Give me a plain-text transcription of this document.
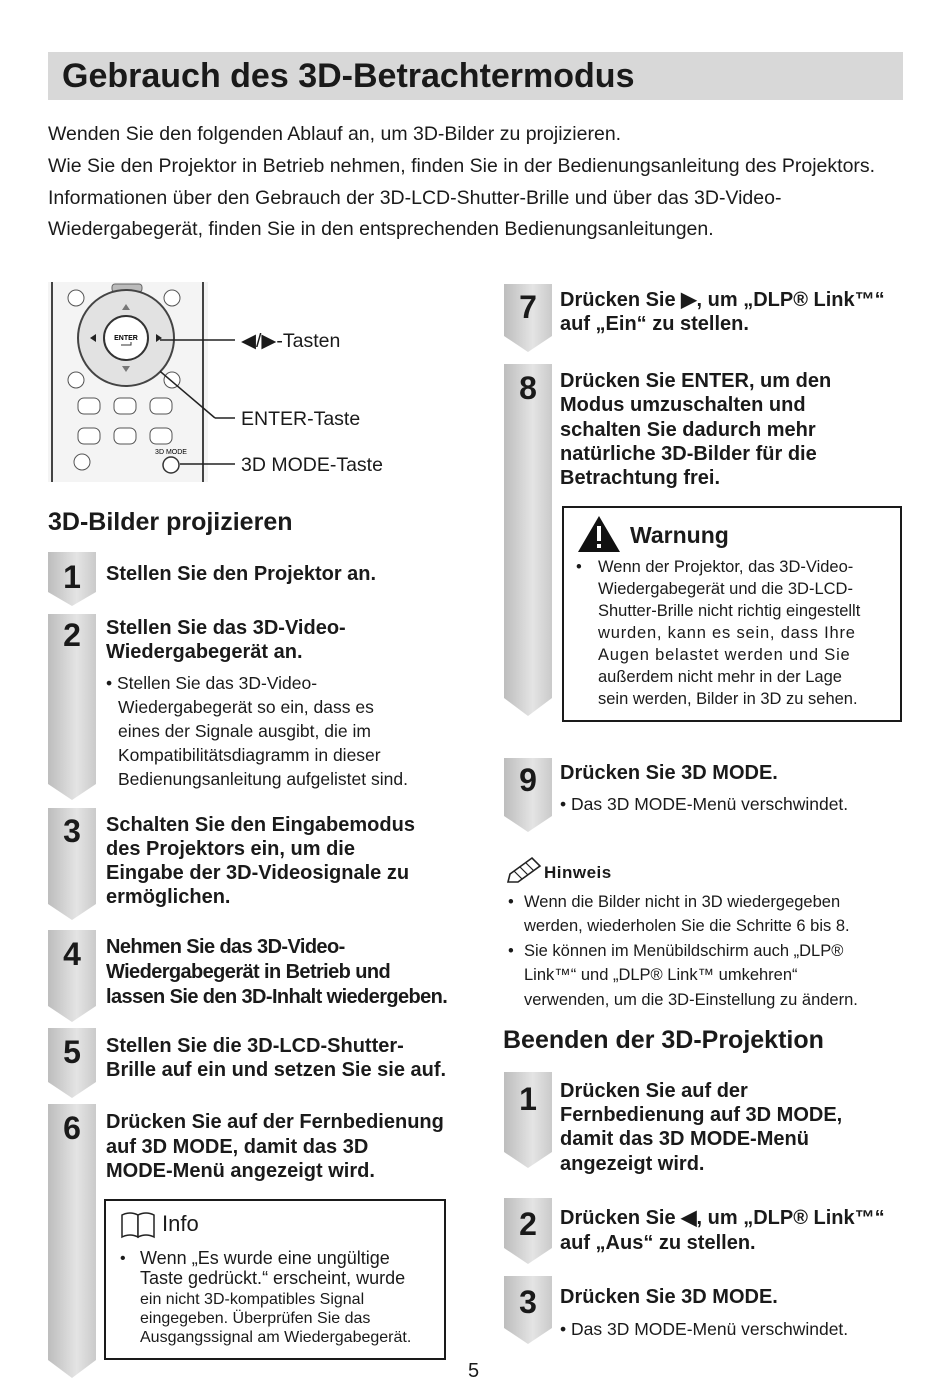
Gebrauch des 3D-Betrachtermodus
Wenden Sie den folgenden Ablauf an, um 3D-Bilder zu projizieren.
Wie Sie den Projektor in Betrieb nehmen, finden Sie in der Bedienungsanleitung des Projektors.
Informationen über den Gebrauch der 3D-LCD-Shutter-Brille und über das 3D-Video-
Wiedergabegerät, finden Sie in den entsprechenden Bedienungsanleitungen.
ENTER
3D MODE
◀/▶-Tasten
ENTER-Taste
3D MODE-Taste
3D-Bilder projizieren
1	Stellen Sie den Projektor an.
2	Stellen Sie das 3D-Video-
Wiedergabegerät an.
• Stellen Sie das 3D-Video-
Wiedergabegerät so ein, dass es
eines der Signale ausgibt, die im
Kompatibilitätsdiagramm in dieser
Bedienungsanleitung aufgelistet sind.
3	Schalten Sie den Eingabemodus
des Projektors ein, um die
Eingabe der 3D-Videosignale zu
ermöglichen.
4	Nehmen Sie das 3D-Video-
Wiedergabegerät in Betrieb und
lassen Sie den 3D-Inhalt wiedergeben.
5	Stellen Sie die 3D-LCD-Shutter-
Brille auf ein und setzen Sie sie auf.
6	Drücken Sie auf der Fernbedienung
auf 3D MODE, damit das 3D
MODE-Menü angezeigt wird.
Info
• Wenn „Es wurde eine ungültige
Taste gedrückt.“ erscheint, wurde
ein nicht 3D-kompatibles Signal
eingegeben. Überprüfen Sie das
Ausgangssignal am Wiedergabegerät.
7	Drücken Sie ▶, um „DLP® Link™“
auf „Ein“ zu stellen.
8	Drücken Sie ENTER, um den
Modus umzuschalten und
schalten Sie dadurch mehr
natürliche 3D-Bilder für die
Betrachtung frei.
Warnung
• Wenn der Projektor, das 3D-Video-
Wiedergabegerät und die 3D-LCD-
Shutter-Brille nicht richtig eingestellt
wurden, kann es sein, dass Ihre
Augen belastet werden und Sie
außerdem nicht mehr in der Lage
sein werden, Bilder in 3D zu sehen.
9	Drücken Sie 3D MODE.
• Das 3D MODE-Menü verschwindet.
Hinweis
• Wenn die Bilder nicht in 3D wiedergegeben
werden, wiederholen Sie die Schritte 6 bis 8.
• Sie können im Menübildschirm auch „DLP®
Link™“ und „DLP® Link™ umkehren“
verwenden, um die 3D-Einstellung zu ändern.
Beenden der 3D-Projektion
1	Drücken Sie auf der
Fernbedienung auf 3D MODE,
damit das 3D MODE-Menü
angezeigt wird.
2	Drücken Sie ◀, um „DLP® Link™“
auf „Aus“ zu stellen.
3	Drücken Sie 3D MODE.
• Das 3D MODE-Menü verschwindet.
5
